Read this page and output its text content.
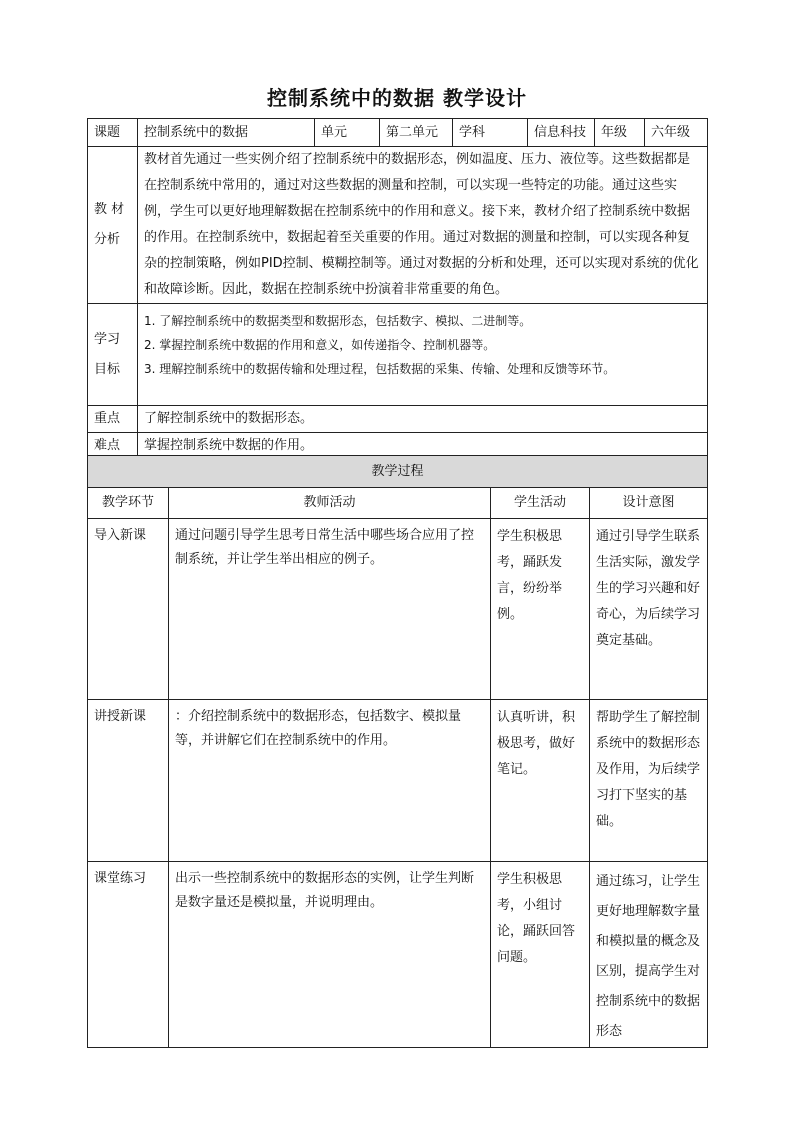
控制系统中的数据 教学设计
课题	控制系统中的数据	单元	第二单元	学科	信息科技	年级	六年级
教 材
分析	教材首先通过一些实例介绍了控制系统中的数据形态，例如温度、压力、液位等。这些数据都是在控制系统中常用的，通过对这些数据的测量和控制，可以实现一些特定的功能。通过这些实例，学生可以更好地理解数据在控制系统中的作用和意义。接下来，教材介绍了控制系统中数据的作用。在控制系统中，数据起着至关重要的作用。通过对数据的测量和控制，可以实现各种复杂的控制策略，例如PID控制、模糊控制等。通过对数据的分析和处理，还可以实现对系统的优化和故障诊断。因此，数据在控制系统中扮演着非常重要的角色。						
学习
目标	1. 了解控制系统中的数据类型和数据形态，包括数字、模拟、二进制等。
2. 掌握控制系统中数据的作用和意义，如传递指令、控制机器等。
3. 理解控制系统中的数据传输和处理过程，包括数据的采集、传输、处理和反馈等环节。						

重点	了解控制系统中的数据形态。						
难点	掌握控制系统中数据的作用。						
教学过程			
教学环节	教师活动	学生活动	设计意图
导入新课	通过问题引导学生思考日常生活中哪些场合应用了控制系统，并让学生举出相应的例子。	学生积极思考，踊跃发言，纷纷举例。	通过引导学生联系生活实际，激发学生的学习兴趣和好奇心，为后续学习奠定基础。
讲授新课	：介绍控制系统中的数据形态，包括数字、模拟量等，并讲解它们在控制系统中的作用。	认真听讲，积极思考，做好笔记。	帮助学生了解控制系统中的数据形态及作用，为后续学习打下坚实的基础。
课堂练习	出示一些控制系统中的数据形态的实例，让学生判断是数字量还是模拟量，并说明理由。	学生积极思考，小组讨论，踊跃回答问题。	通过练习，让学生更好地理解数字量和模拟量的概念及区别，提高学生对控制系统中的数据形态
